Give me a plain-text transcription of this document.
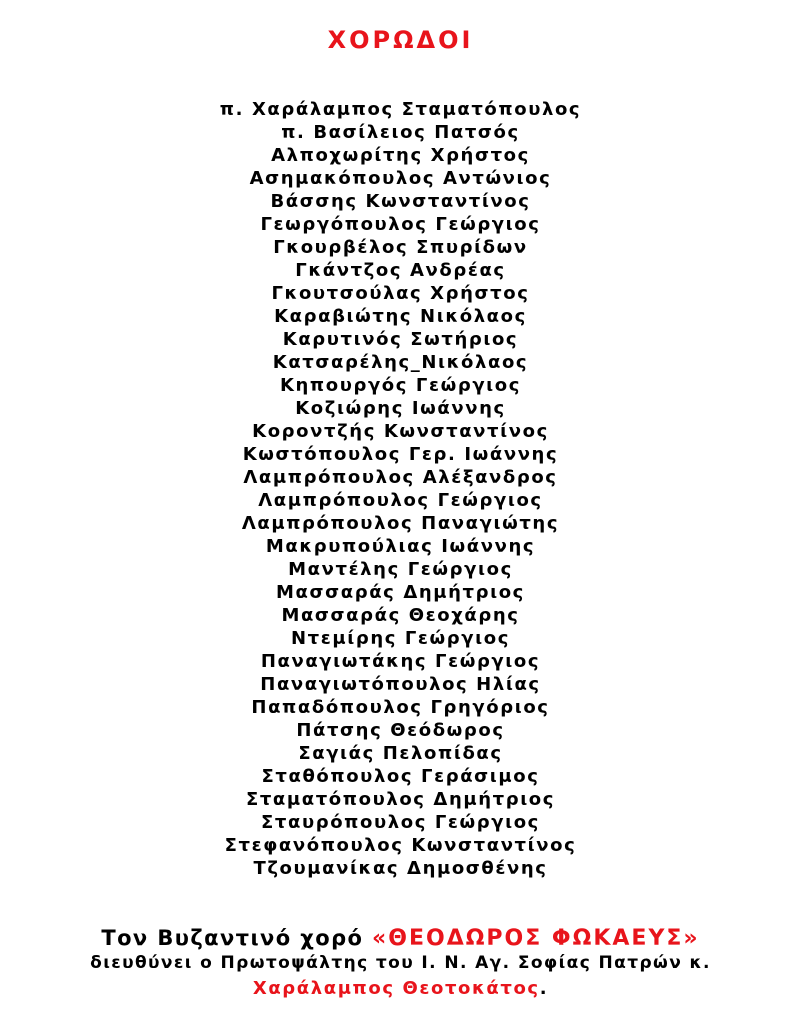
ΧΟΡΩΔΟΙ
π. Χαράλαμπος Σταματόπουλος
π. Βασίλειος Πατσός
Αλποχωρίτης Χρήστος
Ασημακόπουλος Αντώνιος
Βάσσης Κωνσταντίνος
Γεωργόπουλος Γεώργιος
Γκουρβέλος Σπυρίδων
Γκάντζος Ανδρέας
Γκουτσούλας Χρήστος
Καραβιώτης Νικόλαος
Καρυτινός Σωτήριος
Κατσαρέλης_Νικόλαος
Κηπουργός Γεώργιος
Κοζιώρης Ιωάννης
Κοροντζής Κωνσταντίνος
Κωστόπουλος Γερ. Ιωάννης
Λαμπρόπουλος Αλέξανδρος
Λαμπρόπουλος Γεώργιος
Λαμπρόπουλος Παναγιώτης
Μακρυπούλιας Ιωάννης
Μαντέλης Γεώργιος
Μασσαράς Δημήτριος
Μασσαράς Θεοχάρης
Ντεμίρης Γεώργιος
Παναγιωτάκης Γεώργιος
Παναγιωτόπουλος Ηλίας
Παπαδόπουλος Γρηγόριος
Πάτσης Θεόδωρος
Σαγιάς Πελοπίδας
Σταθόπουλος Γεράσιμος
Σταματόπουλος Δημήτριος
Σταυρόπουλος Γεώργιος
Στεφανόπουλος Κωνσταντίνος
Τζουμανίκας Δημοσθένης
Τον Βυζαντινό χορό «ΘΕΟΔΩΡΟΣ ΦΩΚΑΕΥΣ»
διευθύνει ο Πρωτοψάλτης του Ι. Ν. Αγ. Σοφίας Πατρών κ.
Χαράλαμπος Θεοτοκάτος.
